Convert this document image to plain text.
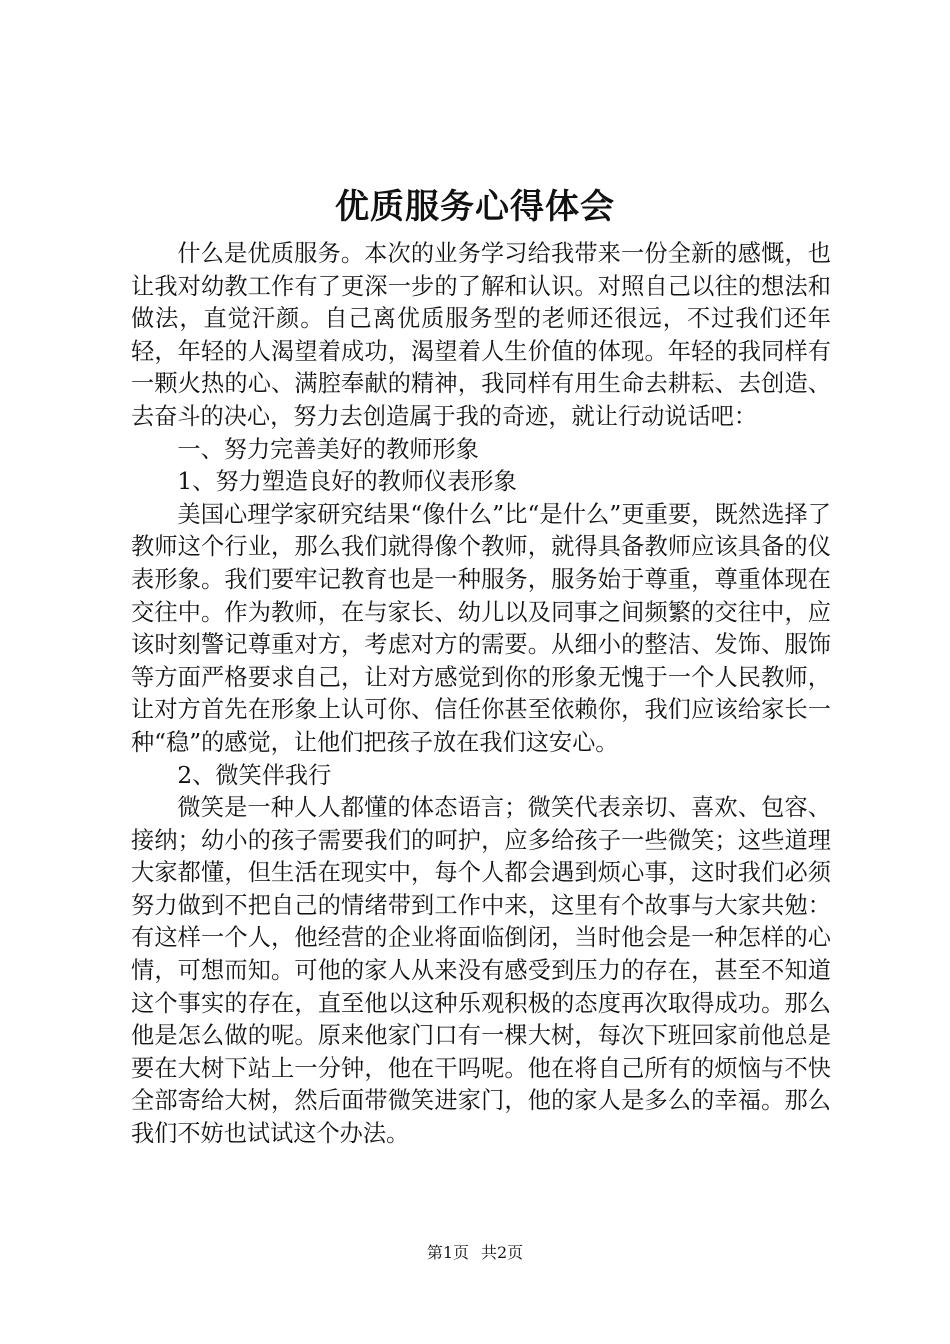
优质服务心得体会

什么是优质服务。本次的业务学习给我带来一份全新的感慨，也让我对幼教工作有了更深一步的了解和认识。对照自己以往的想法和做法，直觉汗颜。自己离优质服务型的老师还很远，不过我们还年轻，年轻的人渴望着成功，渴望着人生价值的体现。年轻的我同样有一颗火热的心、满腔奉献的精神，我同样有用生命去耕耘、去创造、去奋斗的决心，努力去创造属于我的奇迹，就让行动说话吧：

一、努力完善美好的教师形象

1、努力塑造良好的教师仪表形象

美国心理学家研究结果“像什么”比“是什么”更重要，既然选择了教师这个行业，那么我们就得像个教师，就得具备教师应该具备的仪表形象。我们要牢记教育也是一种服务，服务始于尊重，尊重体现在交往中。作为教师，在与家长、幼儿以及同事之间频繁的交往中，应该时刻警记尊重对方，考虑对方的需要。从细小的整洁、发饰、服饰等方面严格要求自己，让对方感觉到你的形象无愧于一个人民教师，让对方首先在形象上认可你、信任你甚至依赖你，我们应该给家长一种“稳”的感觉，让他们把孩子放在我们这安心。

2、微笑伴我行

微笑是一种人人都懂的体态语言；微笑代表亲切、喜欢、包容、接纳；幼小的孩子需要我们的呵护，应多给孩子一些微笑；这些道理大家都懂，但生活在现实中，每个人都会遇到烦心事，这时我们必须努力做到不把自己的情绪带到工作中来，这里有个故事与大家共勉：有这样一个人，他经营的企业将面临倒闭，当时他会是一种怎样的心情，可想而知。可他的家人从来没有感受到压力的存在，甚至不知道这个事实的存在，直至他以这种乐观积极的态度再次取得成功。那么他是怎么做的呢。原来他家门口有一棵大树，每次下班回家前他总是要在大树下站上一分钟，他在干吗呢。他在将自己所有的烦恼与不快全部寄给大树，然后面带微笑进家门，他的家人是多么的幸福。那么我们不妨也试试这个办法。

第1页 共2页
